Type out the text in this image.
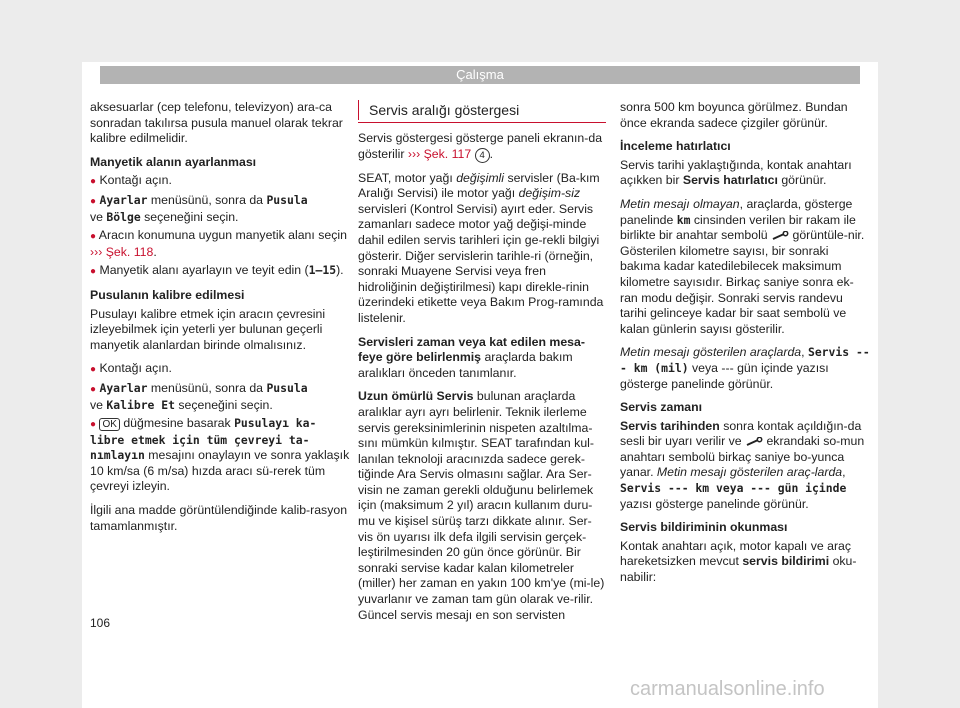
Çalışma

aksesuarlar (cep telefonu, televizyon) ara-ca sonradan takılırsa pusula manuel olarak tekrar kalibre edilmelidir.

Manyetik alanın ayarlanması
● Kontağı açın.
● Ayarlar menüsünü, sonra da Pusula
ve Bölge seçeneğini seçin.
● Aracın konumuna uygun manyetik alanı seçin ››› Şek. 118.
● Manyetik alanı ayarlayın ve teyit edin (1–15).
Pusulanın kalibre edilmesi

Pusulayı kalibre etmek için aracın çevresini izleyebilmek için yeterli yer bulunan geçerli manyetik alanlardan birinde olmalısınız.

● Kontağı açın.
● Ayarlar menüsünü, sonra da Pusula
ve Kalibre Et seçeneğini seçin.
● OK düğmesine basarak Pusulayı ka-libre etmek için tüm çevreyi ta-nımlayın mesajını onaylayın ve sonra yaklaşık 10 km/sa (6 m/sa) hızda aracı sü-rerek tüm çevreyi izleyin.

İlgili ana madde görüntülendiğinde kalib-rasyon tamamlanmıştır.

Servis aralığı göstergesi

Servis göstergesi gösterge paneli ekranın-da gösterilir ››› Şek. 117 4 .

SEAT, motor yağı değişimli servisler (Ba-kım Aralığı Servisi) ile motor yağı değişim-siz servisleri (Kontrol Servisi) ayırt eder. Servis zamanları sadece motor yağ değişi-minde dahil edilen servis tarihleri için ge-rekli bilgiyi gösterir. Diğer servislerin tarihle-ri (örneğin, sonraki Muayene Servisi veya fren hidroliğinin değiştirilmesi) kapı direkle-rinin üzerindeki etikette veya Bakım Prog-ramında listelenir.

Servisleri zaman veya kat edilen mesa-feye göre belirlenmiş araçlarda bakım aralıkları önceden tanımlanır.

Uzun ömürlü Servis bulunan araçlarda aralıklar ayrı ayrı belirlenir. Teknik ilerleme servis gereksinimlerinin nispeten azaltılma-sını mümkün kılmıştır. SEAT tarafından kul-lanılan teknoloji aracınızda sadece gerek-tiğinde Ara Servis olmasını sağlar. Ara Ser-visin ne zaman gerekli olduğunu belirlemek için (maksimum 2 yıl) aracın kullanım duru-mu ve kişisel sürüş tarzı dikkate alınır. Ser-vis ön uyarısı ilk defa ilgili servisin gerçek-leştirilmesinden 20 gün önce görünür. Bir sonraki servise kadar kalan kilometreler (miller) her zaman en yakın 100 km'ye (mi-le) yuvarlanır ve zaman tam gün olarak ve-rilir. Güncel servis mesajı en son servisten

sonra 500 km boyunca görülmez. Bundan önce ekranda sadece çizgiler görünür.

İnceleme hatırlatıcı

Servis tarihi yaklaştığında, kontak anahtarı açıkken bir Servis hatırlatıcı görünür.

Metin mesajı olmayan, araçlarda, gösterge panelinde km cinsinden verilen bir rakam ile birlikte bir anahtar sembolü  görüntüle-nir. Gösterilen kilometre sayısı, bir sonraki bakıma kadar katedilebilecek maksimum kilometre sayısıdır. Birkaç saniye sonra ek-ran modu değişir. Sonraki servis randevu tarihi gelinceye kadar bir saat sembolü ve kalan günlerin sayısı gösterilir.

Metin mesajı gösterilen araçlarda, Servis --- km (mil) veya --- gün içinde yazısı gösterge panelinde görünür.

Servis zamanı

Servis tarihinden sonra kontak açıldığın-da sesli bir uyarı verilir ve  ekrandaki so-mun anahtarı sembolü birkaç saniye bo-yunca yanar. Metin mesajı gösterilen araç-larda, Servis --- km veya --- gün içinde yazısı gösterge panelinde görünür.

Servis bildiriminin okunması

Kontak anahtarı açık, motor kapalı ve araç hareketsizken mevcut servis bildirimi oku-nabilir:

106
carmanualsonline.info
